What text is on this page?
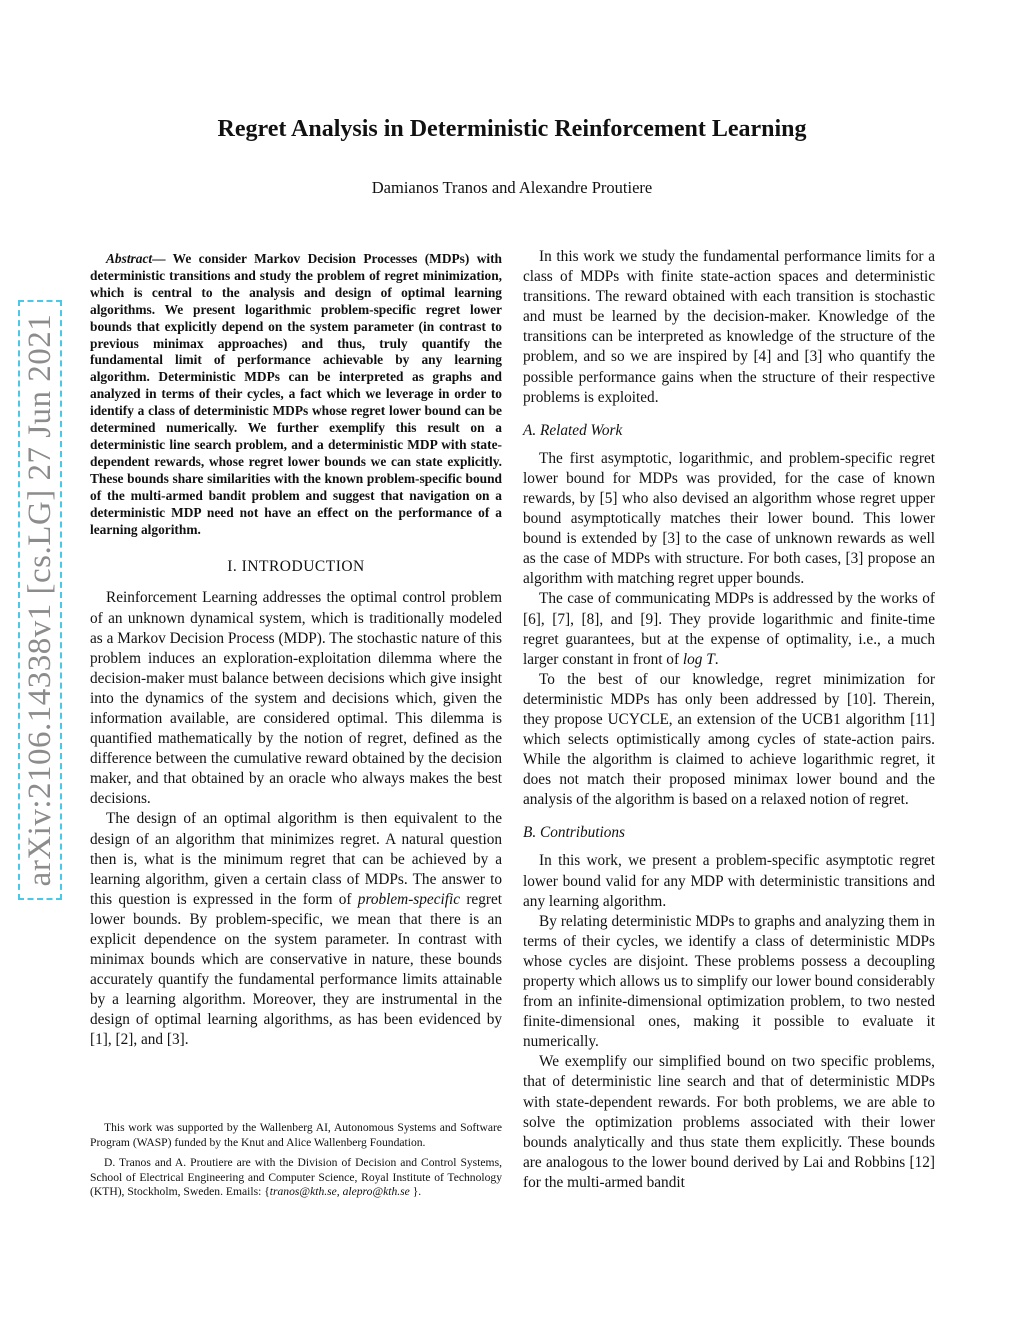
arXiv:2106.14338v1 [cs.LG] 27 Jun 2021
Regret Analysis in Deterministic Reinforcement Learning
Damianos Tranos and Alexandre Proutiere

Abstract— We consider Markov Decision Processes (MDPs) with deterministic transitions and study the problem of regret minimization, which is central to the analysis and design of optimal learning algorithms. We present logarithmic problem-specific regret lower bounds that explicitly depend on the system parameter (in contrast to previous minimax approaches) and thus, truly quantify the fundamental limit of performance achievable by any learning algorithm. Deterministic MDPs can be interpreted as graphs and analyzed in terms of their cycles, a fact which we leverage in order to identify a class of deterministic MDPs whose regret lower bound can be determined numerically. We further exemplify this result on a deterministic line search problem, and a deterministic MDP with state-dependent rewards, whose regret lower bounds we can state explicitly. These bounds share similarities with the known problem-specific bound of the multi-armed bandit problem and suggest that navigation on a deterministic MDP need not have an effect on the performance of a learning algorithm.

I. INTRODUCTION

Reinforcement Learning addresses the optimal control problem of an unknown dynamical system, which is traditionally modeled as a Markov Decision Process (MDP). The stochastic nature of this problem induces an exploration-exploitation dilemma where the decision-maker must balance between decisions which give insight into the dynamics of the system and decisions which, given the information available, are considered optimal. This dilemma is quantified mathematically by the notion of regret, defined as the difference between the cumulative reward obtained by the decision maker, and that obtained by an oracle who always makes the best decisions.

The design of an optimal algorithm is then equivalent to the design of an algorithm that minimizes regret. A natural question then is, what is the minimum regret that can be achieved by a learning algorithm, given a certain class of MDPs. The answer to this question is expressed in the form of problem-specific regret lower bounds. By problem-specific, we mean that there is an explicit dependence on the system parameter. In contrast with minimax bounds which are conservative in nature, these bounds accurately quantify the fundamental performance limits attainable by a learning algorithm. Moreover, they are instrumental in the design of optimal learning algorithms, as has been evidenced by [1], [2], and [3].

This work was supported by the Wallenberg AI, Autonomous Systems and Software Program (WASP) funded by the Knut and Alice Wallenberg Foundation.

D. Tranos and A. Proutiere are with the Division of Decision and Control Systems, School of Electrical Engineering and Computer Science, Royal Institute of Technology (KTH), Stockholm, Sweden. Emails: {tranos@kth.se, alepro@kth.se }.

In this work we study the fundamental performance limits for a class of MDPs with finite state-action spaces and deterministic transitions. The reward obtained with each transition is stochastic and must be learned by the decision-maker. Knowledge of the transitions can be interpreted as knowledge of the structure of the problem, and so we are inspired by [4] and [3] who quantify the possible performance gains when the structure of their respective problems is exploited.

A. Related Work

The first asymptotic, logarithmic, and problem-specific regret lower bound for MDPs was provided, for the case of known rewards, by [5] who also devised an algorithm whose regret upper bound asymptotically matches their lower bound. This lower bound is extended by [3] to the case of unknown rewards as well as the case of MDPs with structure. For both cases, [3] propose an algorithm with matching regret upper bounds.

The case of communicating MDPs is addressed by the works of [6], [7], [8], and [9]. They provide logarithmic and finite-time regret guarantees, but at the expense of optimality, i.e., a much larger constant in front of log T.

To the best of our knowledge, regret minimization for deterministic MDPs has only been addressed by [10]. Therein, they propose UCYCLE, an extension of the UCB1 algorithm [11] which selects optimistically among cycles of state-action pairs. While the algorithm is claimed to achieve logarithmic regret, it does not match their proposed minimax lower bound and the analysis of the algorithm is based on a relaxed notion of regret.

B. Contributions

In this work, we present a problem-specific asymptotic regret lower bound valid for any MDP with deterministic transitions and any learning algorithm.

By relating deterministic MDPs to graphs and analyzing them in terms of their cycles, we identify a class of deterministic MDPs whose cycles are disjoint. These problems possess a decoupling property which allows us to simplify our lower bound considerably from an infinite-dimensional optimization problem, to two nested finite-dimensional ones, making it possible to evaluate it numerically.

We exemplify our simplified bound on two specific problems, that of deterministic line search and that of deterministic MDPs with state-dependent rewards. For both problems, we are able to solve the optimization problems associated with their lower bounds analytically and thus state them explicitly. These bounds are analogous to the lower bound derived by Lai and Robbins [12] for the multi-armed bandit
